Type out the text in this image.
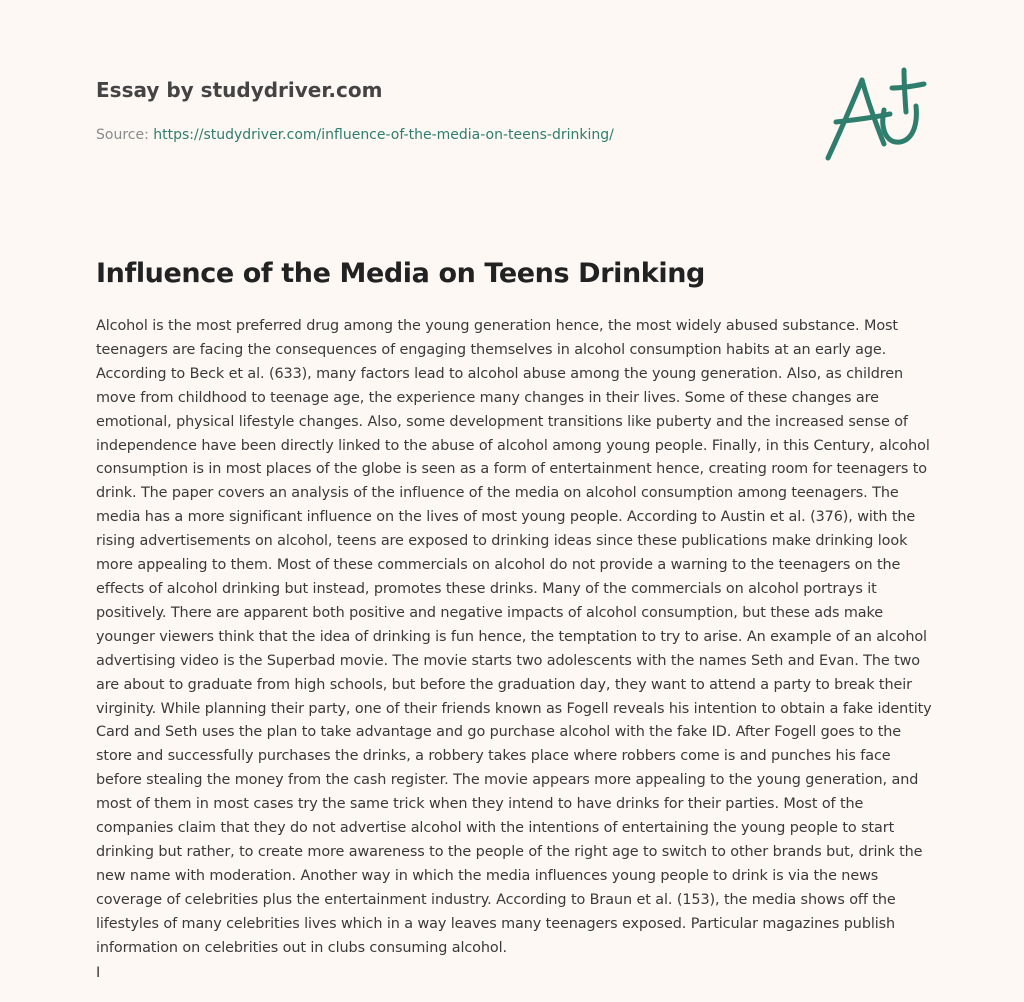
Essay by studydriver.com
Source: https://studydriver.com/influence-of-the-media-on-teens-drinking/
Influence of the Media on Teens Drinking

Alcohol is the most preferred drug among the young generation hence, the most widely abused substance. Most teenagers are facing the consequences of engaging themselves in alcohol consumption habits at an early age. According to Beck et al. (633), many factors lead to alcohol abuse among the young generation. Also, as children move from childhood to teenage age, the experience many changes in their lives. Some of these changes are emotional, physical lifestyle changes. Also, some development transitions like puberty and the increased sense of independence have been directly linked to the abuse of alcohol among young people. Finally, in this Century, alcohol consumption is in most places of the globe is seen as a form of entertainment hence, creating room for teenagers to drink. The paper covers an analysis of the influence of the media on alcohol consumption among teenagers. The media has a more significant influence on the lives of most young people. According to Austin et al. (376), with the rising advertisements on alcohol, teens are exposed to drinking ideas since these publications make drinking look more appealing to them. Most of these commercials on alcohol do not provide a warning to the teenagers on the effects of alcohol drinking but instead, promotes these drinks. Many of the commercials on alcohol portrays it positively. There are apparent both positive and negative impacts of alcohol consumption, but these ads make younger viewers think that the idea of drinking is fun hence, the temptation to try to arise. An example of an alcohol advertising video is the Superbad movie. The movie starts two adolescents with the names Seth and Evan. The two are about to graduate from high schools, but before the graduation day, they want to attend a party to break their virginity. While planning their party, one of their friends known as Fogell reveals his intention to obtain a fake identity Card and Seth uses the plan to take advantage and go purchase alcohol with the fake ID. After Fogell goes to the store and successfully purchases the drinks, a robbery takes place where robbers come is and punches his face before stealing the money from the cash register. The movie appears more appealing to the young generation, and most of them in most cases try the same trick when they intend to have drinks for their parties. Most of the companies claim that they do not advertise alcohol with the intentions of entertaining the young people to start drinking but rather, to create more awareness to the people of the right age to switch to other brands but, drink the new name with moderation. Another way in which the media influences young people to drink is via the news coverage of celebrities plus the entertainment industry. According to Braun et al. (153), the media shows off the lifestyles of many celebrities lives which in a way leaves many teenagers exposed. Particular magazines publish information on celebrities out in clubs consuming alcohol.

I
